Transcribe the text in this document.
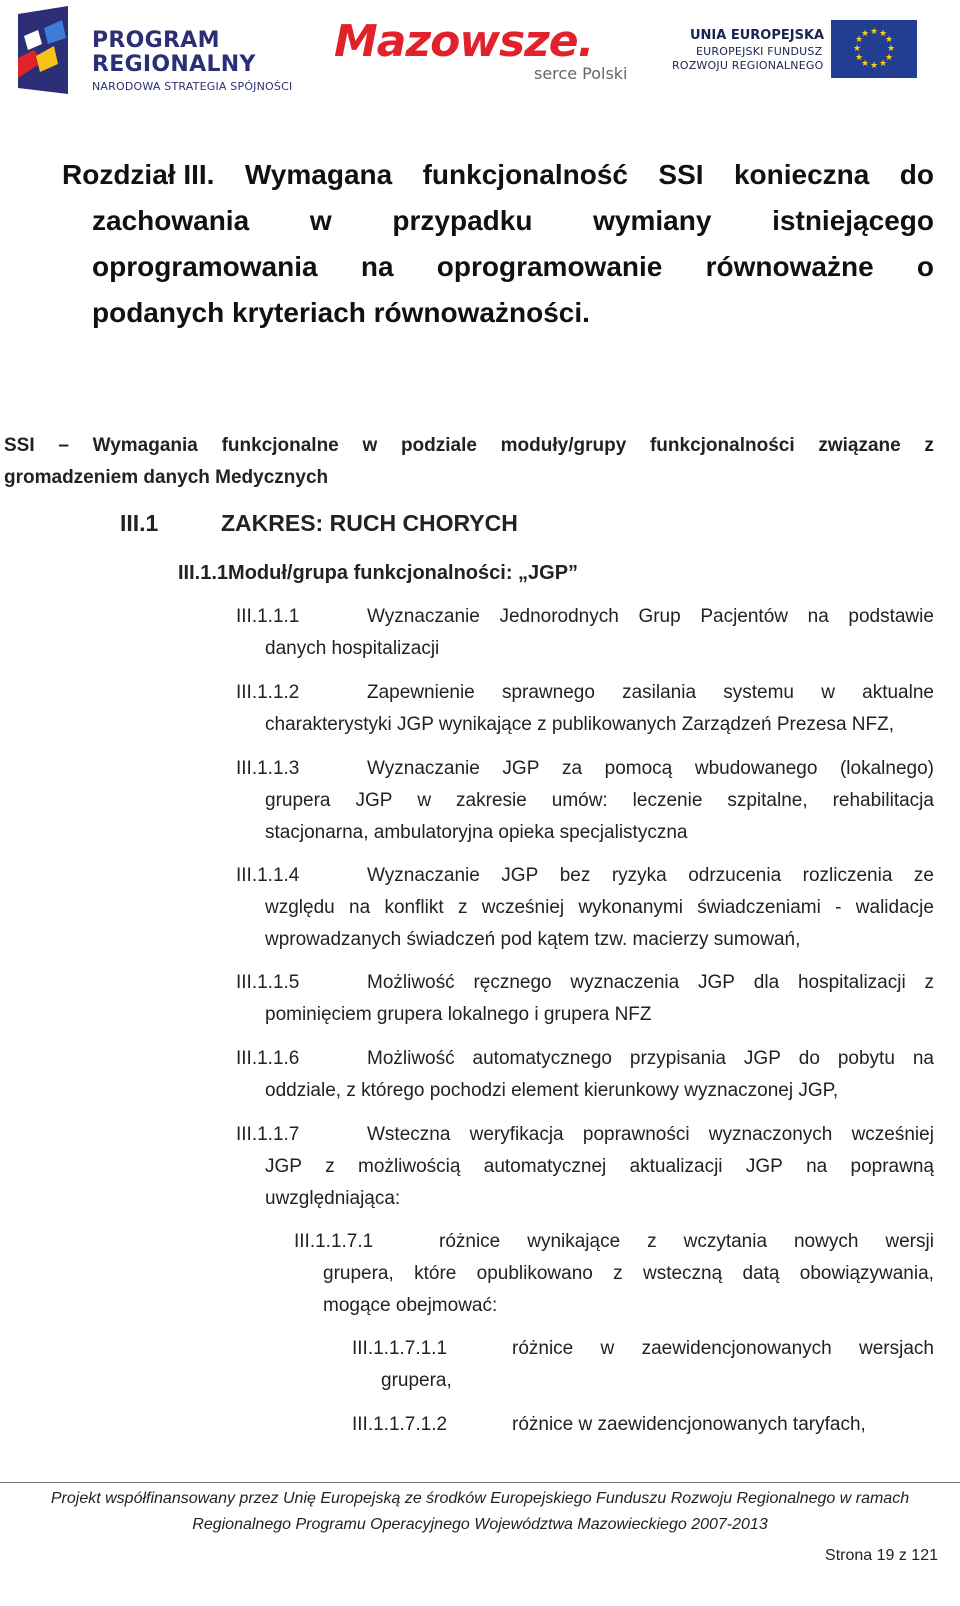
PROGRAM
REGIONALNY
NARODOWA STRATEGIA SPÓJNOŚCI
Mazowsze.
serce Polski
UNIA EUROPEJSKA
EUROPEJSKI FUNDUSZ
ROZWOJU REGIONALNEGO
★ ★
★
★
★
★
★
★
★
★
★
★
Rozdział III. Wymagana funkcjonalność SSI konieczna do
zachowania w przypadku wymiany istniejącego
oprogramowania na oprogramowanie równoważne o
podanych kryteriach równoważności.
SSI – Wymagania funkcjonalne w podziale moduły/grupy funkcjonalności związane z
gromadzeniem danych Medycznych
III.1	ZAKRES: RUCH CHORYCH
III.1.1Moduł/grupa funkcjonalności: „JGP”
III.1.1.1	Wyznaczanie Jednorodnych Grup Pacjentów na podstawie
danych hospitalizacji
III.1.1.2	Zapewnienie sprawnego zasilania systemu w aktualne
charakterystyki JGP wynikające z publikowanych Zarządzeń Prezesa NFZ,
III.1.1.3	Wyznaczanie JGP za pomocą wbudowanego (lokalnego)
grupera JGP w zakresie umów: leczenie szpitalne, rehabilitacja
stacjonarna, ambulatoryjna opieka specjalistyczna
III.1.1.4	Wyznaczanie JGP bez ryzyka odrzucenia rozliczenia ze
względu na konflikt z wcześniej wykonanymi świadczeniami - walidacje
wprowadzanych świadczeń pod kątem tzw. macierzy sumowań,
III.1.1.5	Możliwość ręcznego wyznaczenia JGP dla hospitalizacji z
pominięciem grupera lokalnego i grupera NFZ
III.1.1.6	Możliwość automatycznego przypisania JGP do pobytu na
oddziale, z którego pochodzi element kierunkowy wyznaczonej JGP,
III.1.1.7	Wsteczna weryfikacja poprawności wyznaczonych wcześniej
JGP z możliwością automatycznej aktualizacji JGP na poprawną
uwzględniająca:
III.1.1.7.1	różnice wynikające z wczytania nowych wersji
grupera, które opublikowano z wsteczną datą obowiązywania,
mogące obejmować:
III.1.1.7.1.1	różnice w zaewidencjonowanych wersjach
grupera,
III.1.1.7.1.2	różnice w zaewidencjonowanych taryfach,
Projekt współfinansowany przez Unię Europejską ze środków Europejskiego Funduszu Rozwoju Regionalnego w ramach
Regionalnego Programu Operacyjnego Województwa Mazowieckiego 2007-2013
Strona 19 z 121
